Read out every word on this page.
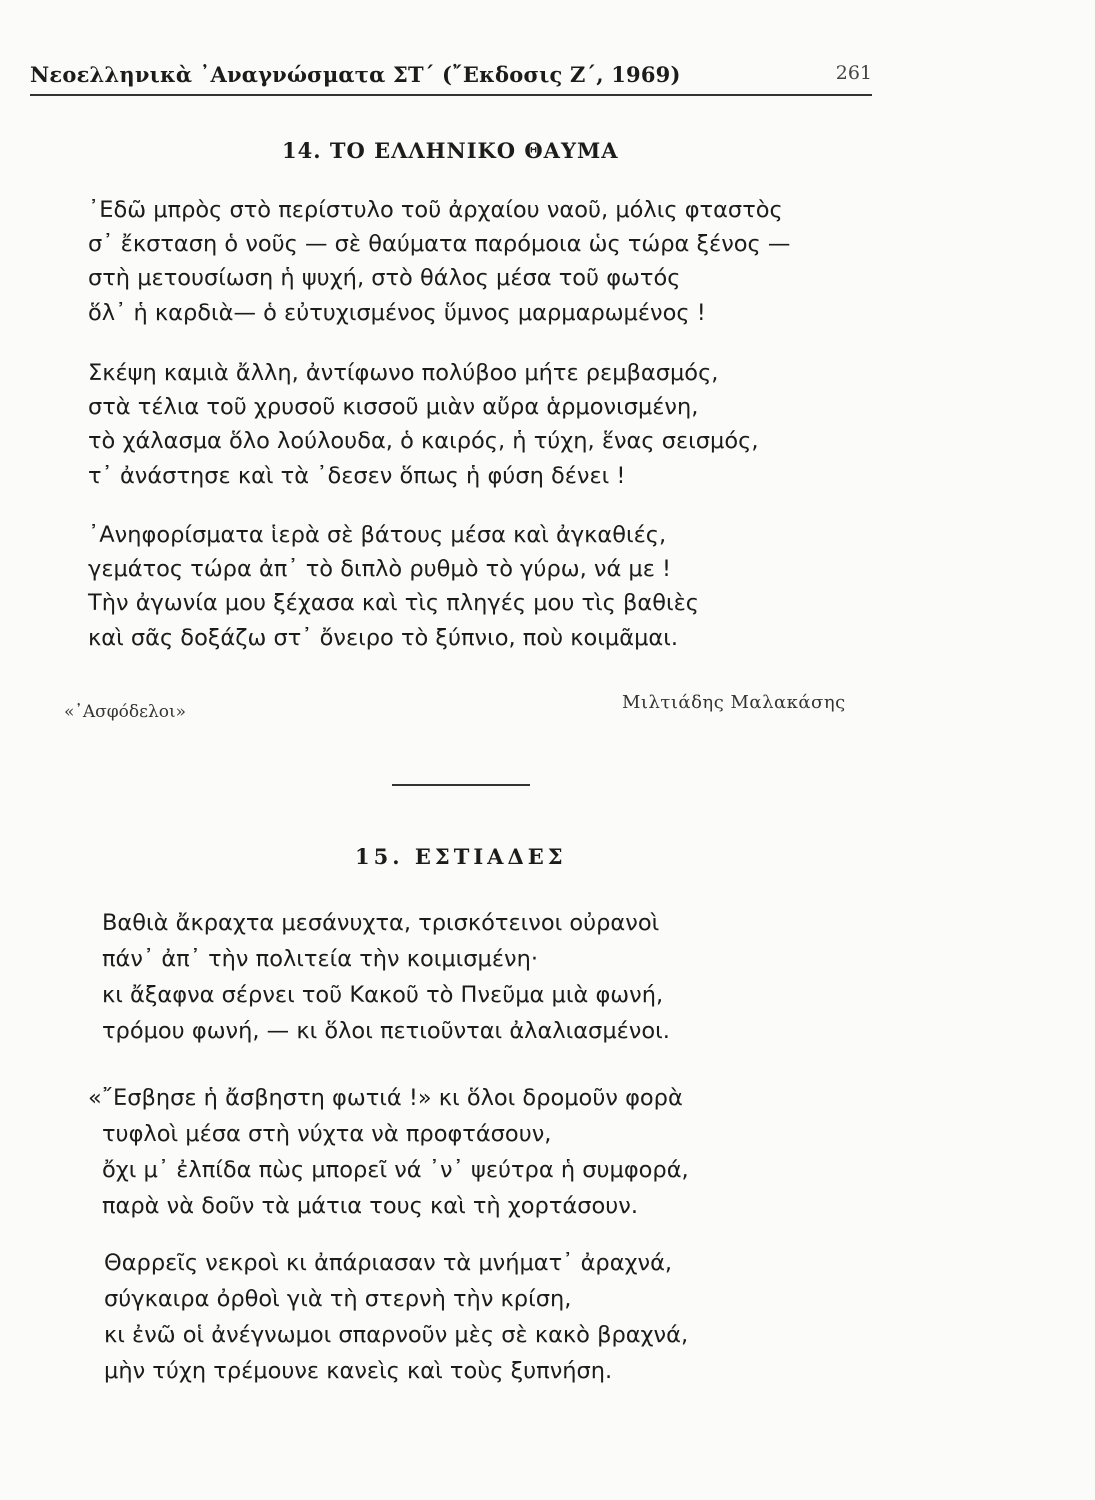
Νεοελληνικὰ ᾿Αναγνώσματα ΣΤ΄ (῎Εκδοσις Ζ΄, 1969)	261
14. ΤΟ ΕΛΛΗΝΙΚΟ ΘΑΥΜΑ
᾿Εδῶ μπρὸς στὸ περίστυλο τοῦ ἀρχαίου ναοῦ, μόλις φταστὸς
σ᾿ ἔκσταση ὁ νοῦς — σὲ θαύματα παρόμοια ὡς τώρα ξένος —
στὴ μετουσίωση ἡ ψυχή, στὸ θάλος μέσα τοῦ φωτός
ὅλ᾿ ἡ καρδιὰ— ὁ εὐτυχισμένος ὕμνος μαρμαρωμένος !
Σκέψη καμιὰ ἄλλη, ἀντίφωνο πολύβοο μήτε ρεμβασμός,
στὰ τέλια τοῦ χρυσοῦ κισσοῦ μιὰν αὔρα ἁρμονισμένη,
τὸ χάλασμα ὅλο λούλουδα, ὁ καιρός, ἡ τύχη, ἕνας σεισμός,
τ᾿ ἀνάστησε καὶ τὰ ᾿δεσεν ὅπως ἡ φύση δένει !
᾿Ανηφορίσματα ἱερὰ σὲ βάτους μέσα καὶ ἀγκαθιές,
γεμάτος τώρα ἀπ᾿ τὸ διπλὸ ρυθμὸ τὸ γύρω, νά με !
Τὴν ἀγωνία μου ξέχασα καὶ τὶς πληγές μου τὶς βαθιὲς
καὶ σᾶς δοξάζω στ᾿ ὄνειρο τὸ ξύπνιο, ποὺ κοιμᾶμαι.
«᾿Ασφόδελοι»	Μιλτιάδης Μαλακάσης
15. ΕΣΤΙΑΔΕΣ
Βαθιὰ ἄκραχτα μεσάνυχτα, τρισκότεινοι οὐρανοὶ
πάν᾿ ἀπ᾿ τὴν πολιτεία τὴν κοιμισμένη·
κι ἄξαφνα σέρνει τοῦ Κακοῦ τὸ Πνεῦμα μιὰ φωνή,
τρόμου φωνή, — κι ὅλοι πετιοῦνται ἀλαλιασμένοι.
«῎Εσβησε ἡ ἄσβηστη φωτιά !» κι ὅλοι δρομοῦν φορὰ
τυφλοὶ μέσα στὴ νύχτα νὰ προφτάσουν,
ὄχι μ᾿ ἐλπίδα πὼς μπορεῖ νά ᾿ν᾿ ψεύτρα ἡ συμφορά,
παρὰ νὰ δοῦν τὰ μάτια τους καὶ τὴ χορτάσουν.
Θαρρεῖς νεκροὶ κι ἀπάριασαν τὰ μνήματ᾿ ἀραχνά,
σύγκαιρα ὀρθοὶ γιὰ τὴ στερνὴ τὴν κρίση,
κι ἐνῶ οἱ ἀνέγνωμοι σπαρνοῦν μὲς σὲ κακὸ βραχνά,
μὴν τύχη τρέμουνε κανεὶς καὶ τοὺς ξυπνήση.
